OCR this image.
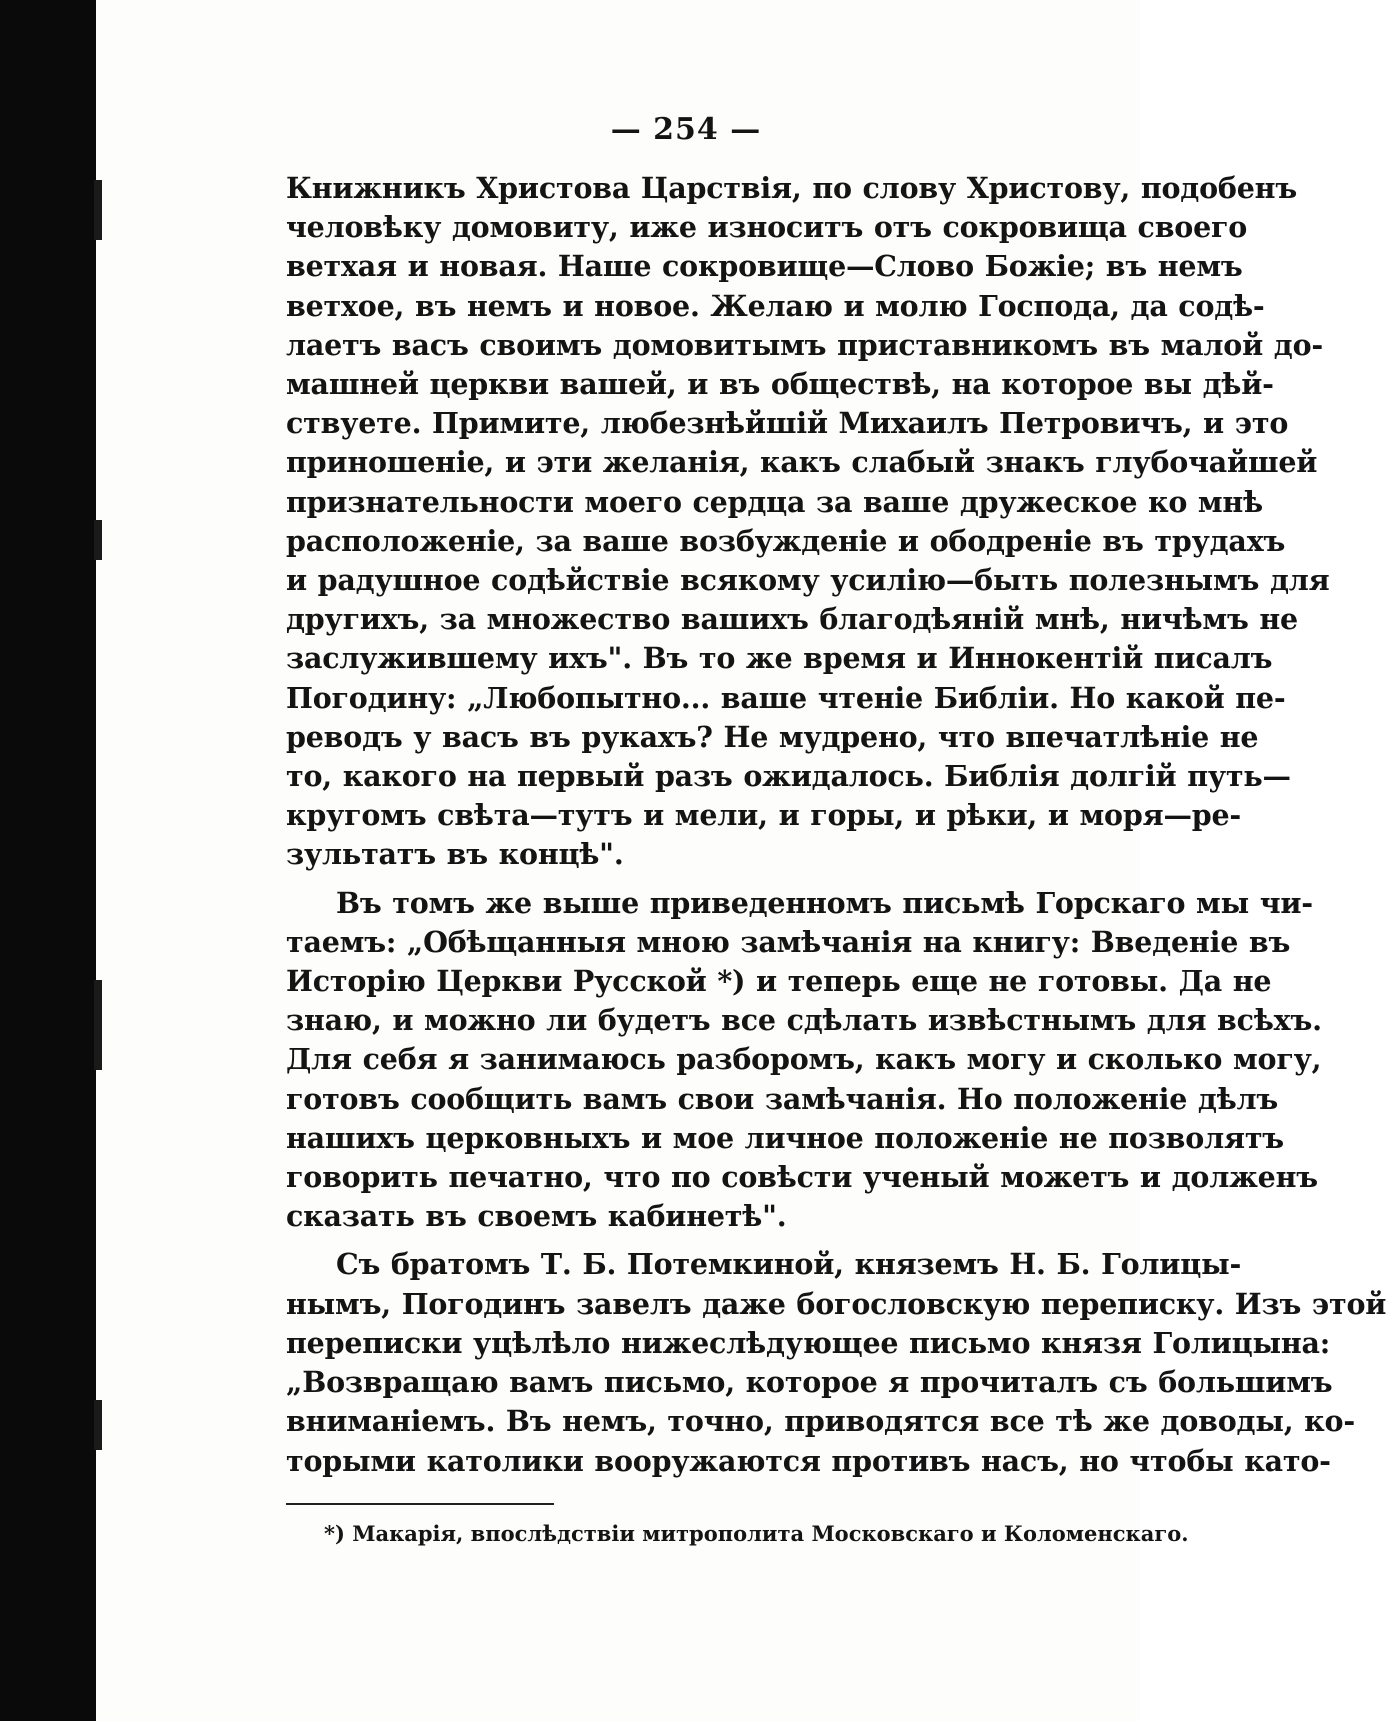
— 254 —

Книжникъ Христова Царствія, по слову Христову, подобенъ
человѣку домовиту, иже износитъ отъ сокровища своего
ветхая и новая. Наше сокровище—Слово Божіе; въ немъ
ветхое, въ немъ и новое. Желаю и молю Господа, да содѣ-
лаетъ васъ своимъ домовитымъ приставникомъ въ малой до-
машней церкви вашей, и въ обществѣ, на которое вы дѣй-
ствуете. Примите, любезнѣйшій Михаилъ Петровичъ, и это
приношеніе, и эти желанія, какъ слабый знакъ глубочайшей
признательности моего сердца за ваше дружеское ко мнѣ
расположеніе, за ваше возбужденіе и ободреніе въ трудахъ
и радушное содѣйствіе всякому усилію—быть полезнымъ для
другихъ, за множество вашихъ благодѣяній мнѣ, ничѣмъ не
заслужившему ихъ". Въ то же время и Иннокентій писалъ
Погодину: „Любопытно... ваше чтеніе Библіи. Но какой пе-
реводъ у васъ въ рукахъ? Не мудрено, что впечатлѣніе не
то, какого на первый разъ ожидалось. Библія долгій путь—
кругомъ свѣта—тутъ и мели, и горы, и рѣки, и моря—ре-
зультатъ въ концѣ".

Въ томъ же выше приведенномъ письмѣ Горскаго мы чи-
таемъ: „Обѣщанныя мною замѣчанія на книгу: Введеніе въ
Исторію Церкви Русской *) и теперь еще не готовы. Да не
знаю, и можно ли будетъ все сдѣлать извѣстнымъ для всѣхъ.
Для себя я занимаюсь разборомъ, какъ могу и сколько могу,
готовъ сообщить вамъ свои замѣчанія. Но положеніе дѣлъ
нашихъ церковныхъ и мое личное положеніе не позволятъ
говорить печатно, что по совѣсти ученый можетъ и долженъ
сказать въ своемъ кабинетѣ".

Съ братомъ Т. Б. Потемкиной, княземъ Н. Б. Голицы-
нымъ, Погодинъ завелъ даже богословскую переписку. Изъ этой
переписки уцѣлѣло нижеслѣдующее письмо князя Голицына:
„Возвращаю вамъ письмо, которое я прочиталъ съ большимъ
вниманіемъ. Въ немъ, точно, приводятся все тѣ же доводы, ко-
торыми католики вооружаются противъ насъ, но чтобы като-

*) Макарія, впослѣдствіи митрополита Московскаго и Коломенскаго.
